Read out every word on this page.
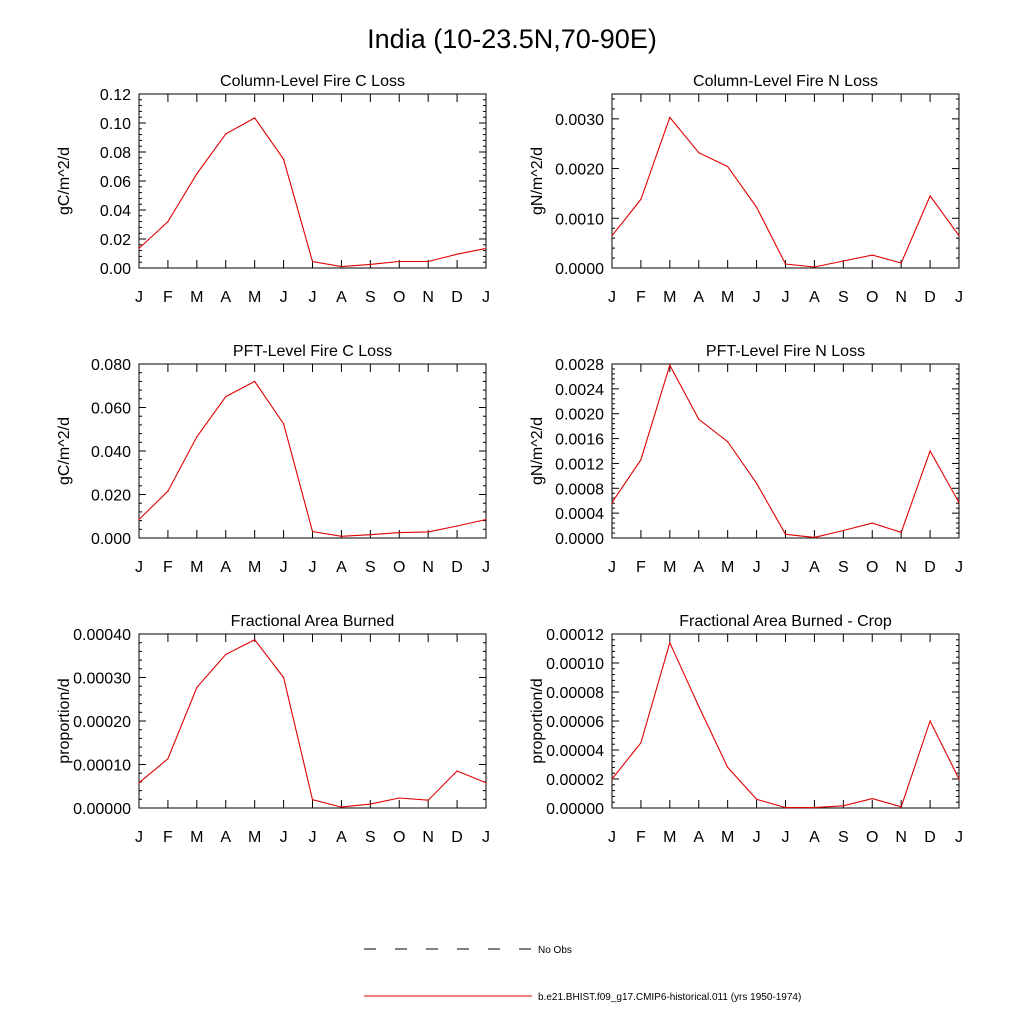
India (10-23.5N,70-90E)
Column-Level Fire C Loss
gC/m^2/d
J F M A M J J A S O N D J
0.00
0.02
0.04
0.06
0.08
0.10
0.12
Column-Level Fire N Loss
gN/m^2/d
J F M A M J J A S O N D J
0.0000
0.0010
0.0020
0.0030
PFT-Level Fire C Loss
gC/m^2/d
J F M A M J J A S O N D J
0.000
0.020
0.040
0.060
0.080
PFT-Level Fire N Loss
gN/m^2/d
J F M A M J J A S O N D J
0.0000
0.0004
0.0008
0.0012
0.0016
0.0020
0.0024
0.0028
Fractional Area Burned
proportion/d
J F M A M J J A S O N D J
0.00000
0.00010
0.00020
0.00030
0.00040
Fractional Area Burned - Crop
proportion/d
J F M A M J J A S O N D J
0.00000
0.00002
0.00004
0.00006
0.00008
0.00010
0.00012
No Obs
b.e21.BHIST.f09_g17.CMIP6-historical.011 (yrs 1950-1974)
